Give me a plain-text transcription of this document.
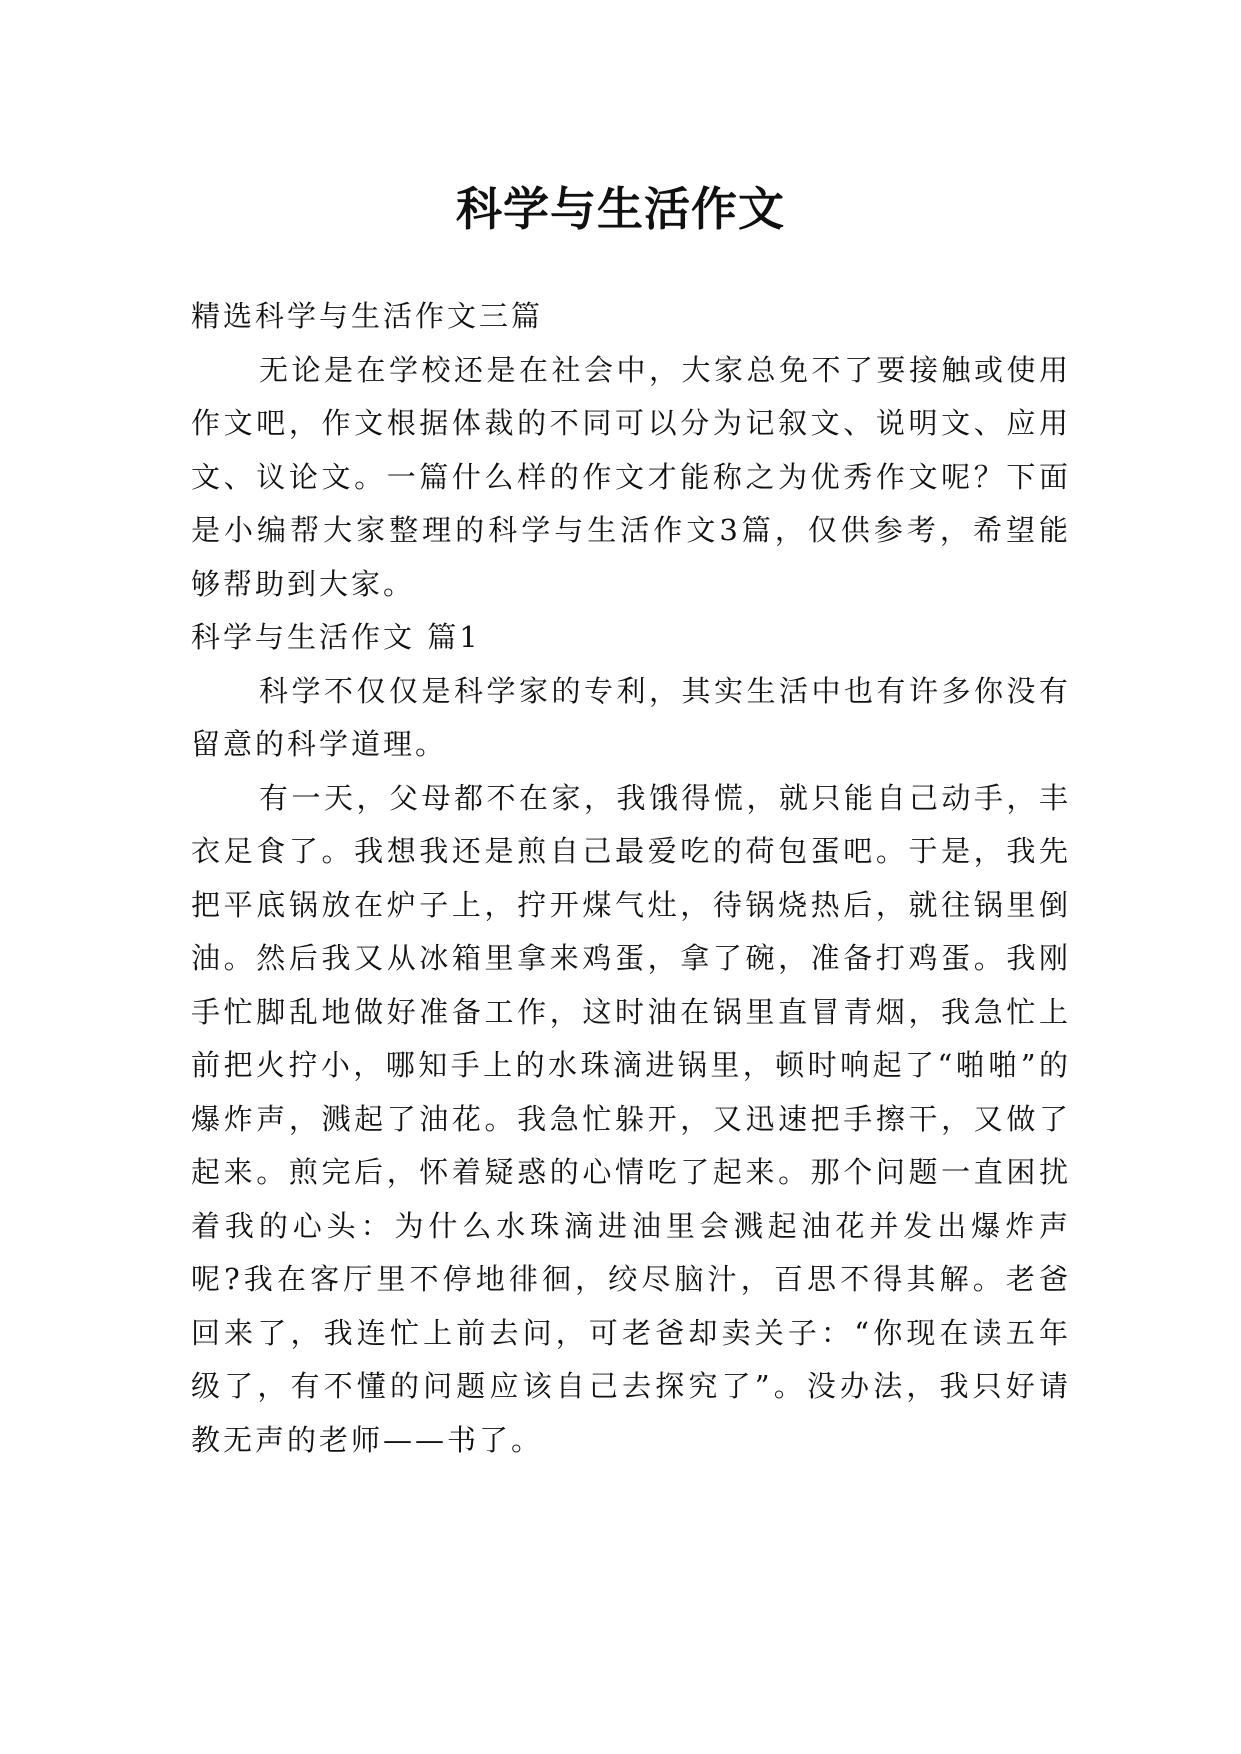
科学与生活作文

精选科学与生活作文三篇

无论是在学校还是在社会中，大家总免不了要接触或使用作文吧，作文根据体裁的不同可以分为记叙文、说明文、应用文、议论文。一篇什么样的作文才能称之为优秀作文呢？下面是小编帮大家整理的科学与生活作文3篇，仅供参考，希望能够帮助到大家。

科学与生活作文 篇1

科学不仅仅是科学家的专利，其实生活中也有许多你没有留意的科学道理。

有一天，父母都不在家，我饿得慌，就只能自己动手，丰衣足食了。我想我还是煎自己最爱吃的荷包蛋吧。于是，我先把平底锅放在炉子上，拧开煤气灶，待锅烧热后，就往锅里倒油。然后我又从冰箱里拿来鸡蛋，拿了碗，准备打鸡蛋。我刚手忙脚乱地做好准备工作，这时油在锅里直冒青烟，我急忙上前把火拧小，哪知手上的水珠滴进锅里，顿时响起了“啪啪”的爆炸声，溅起了油花。我急忙躲开，又迅速把手擦干，又做了起来。煎完后，怀着疑惑的心情吃了起来。那个问题一直困扰着我的心头：为什么水珠滴进油里会溅起油花并发出爆炸声呢?我在客厅里不停地徘徊，绞尽脑汁，百思不得其解。老爸回来了，我连忙上前去问，可老爸却卖关子：“你现在读五年级了，有不懂的问题应该自己去探究了”。没办法，我只好请教无声的老师——书了。
